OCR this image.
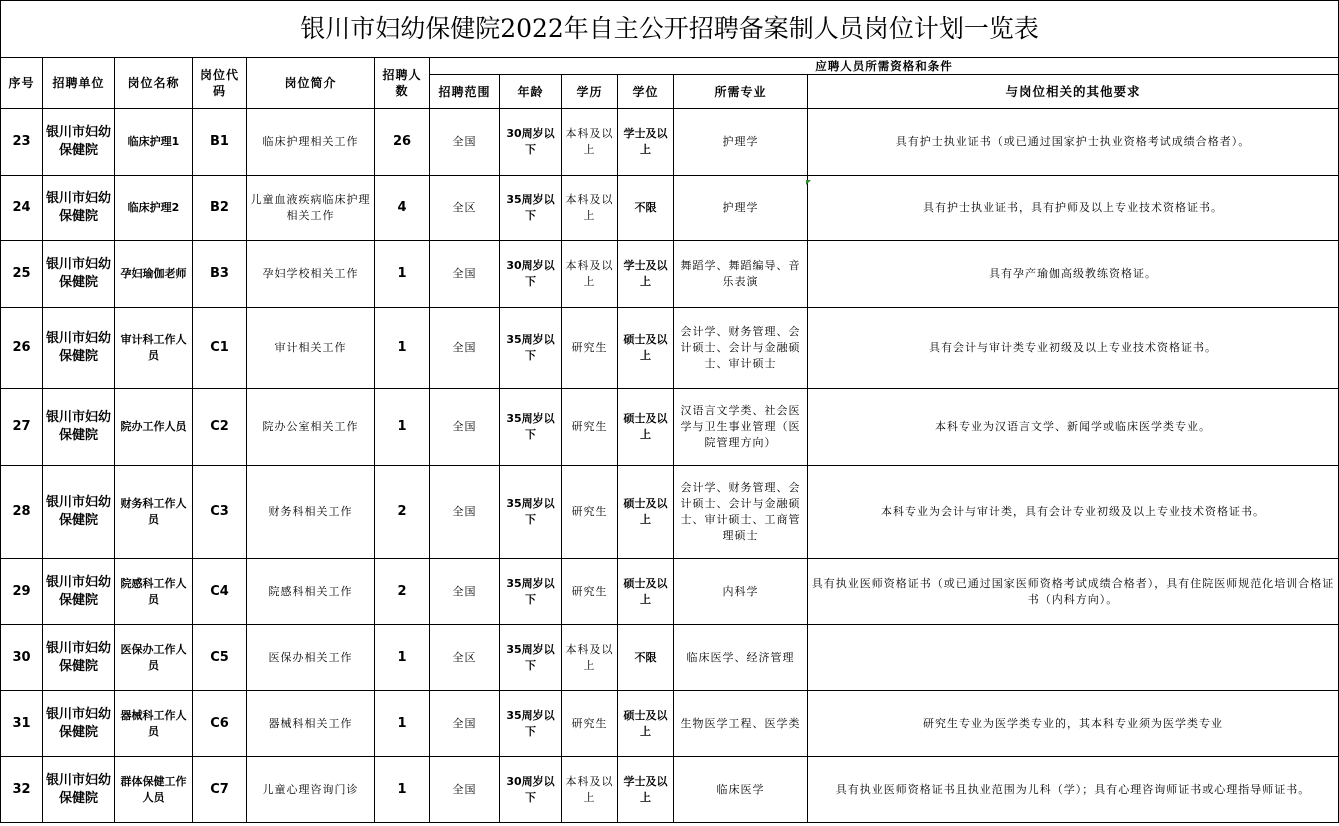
银川市妇幼保健院2022年自主公开招聘备案制人员岗位计划一览表											
序号	招聘单位	岗位名称	岗位代码	岗位简介	招聘人数	应聘人员所需资格和条件					
						招聘范围	年龄	学历	学位	所需专业	与岗位相关的其他要求
23	银川市妇幼保健院	临床护理1	B1	临床护理相关工作	26	全国	30周岁以下	本科及以上	学士及以上	护理学	具有护士执业证书（或已通过国家护士执业资格考试成绩合格者）。
24	银川市妇幼保健院	临床护理2	B2	儿童血液疾病临床护理相关工作	4	全区	35周岁以下	本科及以上	不限	护理学	具有护士执业证书，具有护师及以上专业技术资格证书。
25	银川市妇幼保健院	孕妇瑜伽老师	B3	孕妇学校相关工作	1	全国	30周岁以下	本科及以上	学士及以上	舞蹈学、舞蹈编导、音乐表演	具有孕产瑜伽高级教练资格证。
26	银川市妇幼保健院	审计科工作人员	C1	审计相关工作	1	全国	35周岁以下	研究生	硕士及以上	会计学、财务管理、会计硕士、会计与金融硕士、审计硕士	具有会计与审计类专业初级及以上专业技术资格证书。
27	银川市妇幼保健院	院办工作人员	C2	院办公室相关工作	1	全国	35周岁以下	研究生	硕士及以上	汉语言文学类、社会医学与卫生事业管理（医院管理方向）	本科专业为汉语言文学、新闻学或临床医学类专业。
28	银川市妇幼保健院	财务科工作人员	C3	财务科相关工作	2	全国	35周岁以下	研究生	硕士及以上	会计学、财务管理、会计硕士、会计与金融硕士、审计硕士、工商管理硕士	本科专业为会计与审计类，具有会计专业初级及以上专业技术资格证书。
29	银川市妇幼保健院	院感科工作人员	C4	院感科相关工作	2	全国	35周岁以下	研究生	硕士及以上	内科学	具有执业医师资格证书（或已通过国家医师资格考试成绩合格者），具有住院医师规范化培训合格证书（内科方向）。
30	银川市妇幼保健院	医保办工作人员	C5	医保办相关工作	1	全区	35周岁以下	本科及以上	不限	临床医学、经济管理	
31	银川市妇幼保健院	器械科工作人员	C6	器械科相关工作	1	全国	35周岁以下	研究生	硕士及以上	生物医学工程、医学类	研究生专业为医学类专业的，其本科专业须为医学类专业
32	银川市妇幼保健院	群体保健工作人员	C7	儿童心理咨询门诊	1	全国	30周岁以下	本科及以上	学士及以上	临床医学	具有执业医师资格证书且执业范围为儿科（学）；具有心理咨询师证书或心理指导师证书。
